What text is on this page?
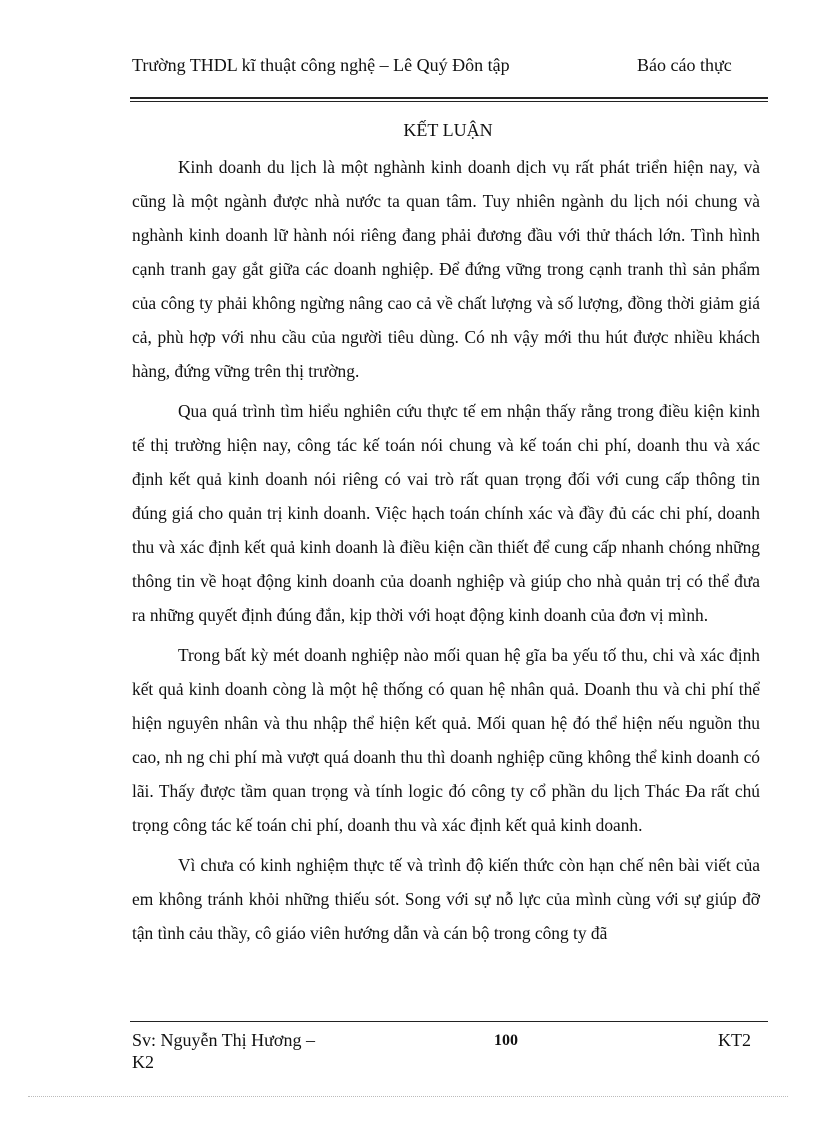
Trường THDL kĩ thuật công nghệ – Lê Quý Đôn tập	Báo cáo thực
KẾT LUẬN

Kinh doanh du lịch là một nghành kinh doanh dịch vụ rất phát triển hiện nay, và cũng là một ngành được nhà nước ta quan tâm. Tuy nhiên ngành du lịch nói chung và nghành kinh doanh lữ hành nói riêng đang phải đương đầu với thử thách lớn. Tình hình cạnh tranh gay gắt giữa các doanh nghiệp. Để đứng vững trong cạnh tranh thì sản phẩm của công ty phải không ngừng nâng cao cả về chất lượng và số lượng, đồng thời giảm giá cả, phù hợp với nhu cầu của người tiêu dùng. Có nh vậy mới thu hút được nhiều khách hàng, đứng vững trên thị trường.

Qua quá trình tìm hiểu nghiên cứu thực tế em nhận thấy rằng trong điều kiện kinh tế thị trường hiện nay, công tác kế toán nói chung và kế toán chi phí, doanh thu và xác định kết quả kinh doanh nói riêng có vai trò rất quan trọng đối với cung cấp thông tin đúng giá cho quản trị kinh doanh. Việc hạch toán chính xác và đầy đủ các chi phí, doanh thu và xác định kết quả kinh doanh là điều kiện cần thiết để cung cấp nhanh chóng những thông tin về hoạt động kinh doanh của doanh nghiệp và giúp cho nhà quản trị có thể đưa ra những quyết định đúng đắn, kịp thời với hoạt động kinh doanh của đơn vị mình.

Trong bất kỳ mét doanh nghiệp nào mối quan hệ gĩa ba yếu tố thu, chi và xác định kết quả kinh doanh còng là một hệ thống có quan hệ nhân quả. Doanh thu và chi phí thể hiện nguyên nhân và thu nhập thể hiện kết quả. Mối quan hệ đó thể hiện nếu nguồn thu cao, nh ng chi phí mà vượt quá doanh thu thì doanh nghiệp cũng không thể kinh doanh có lãi. Thấy được tầm quan trọng và tính logic đó công ty cổ phần du lịch Thác Đa rất chú trọng công tác kế toán chi phí, doanh thu và xác định kết quả kinh doanh.

Vì chưa có kinh nghiệm thực tế và trình độ kiến thức còn hạn chế nên bài viết của em không tránh khỏi những thiếu sót. Song với sự nỗ lực của mình cùng với sự giúp đỡ tận tình cảu thầy, cô giáo viên hướng dẫn và cán bộ trong công ty đã

Sv: Nguyễn Thị Hương – K2
100	KT2
